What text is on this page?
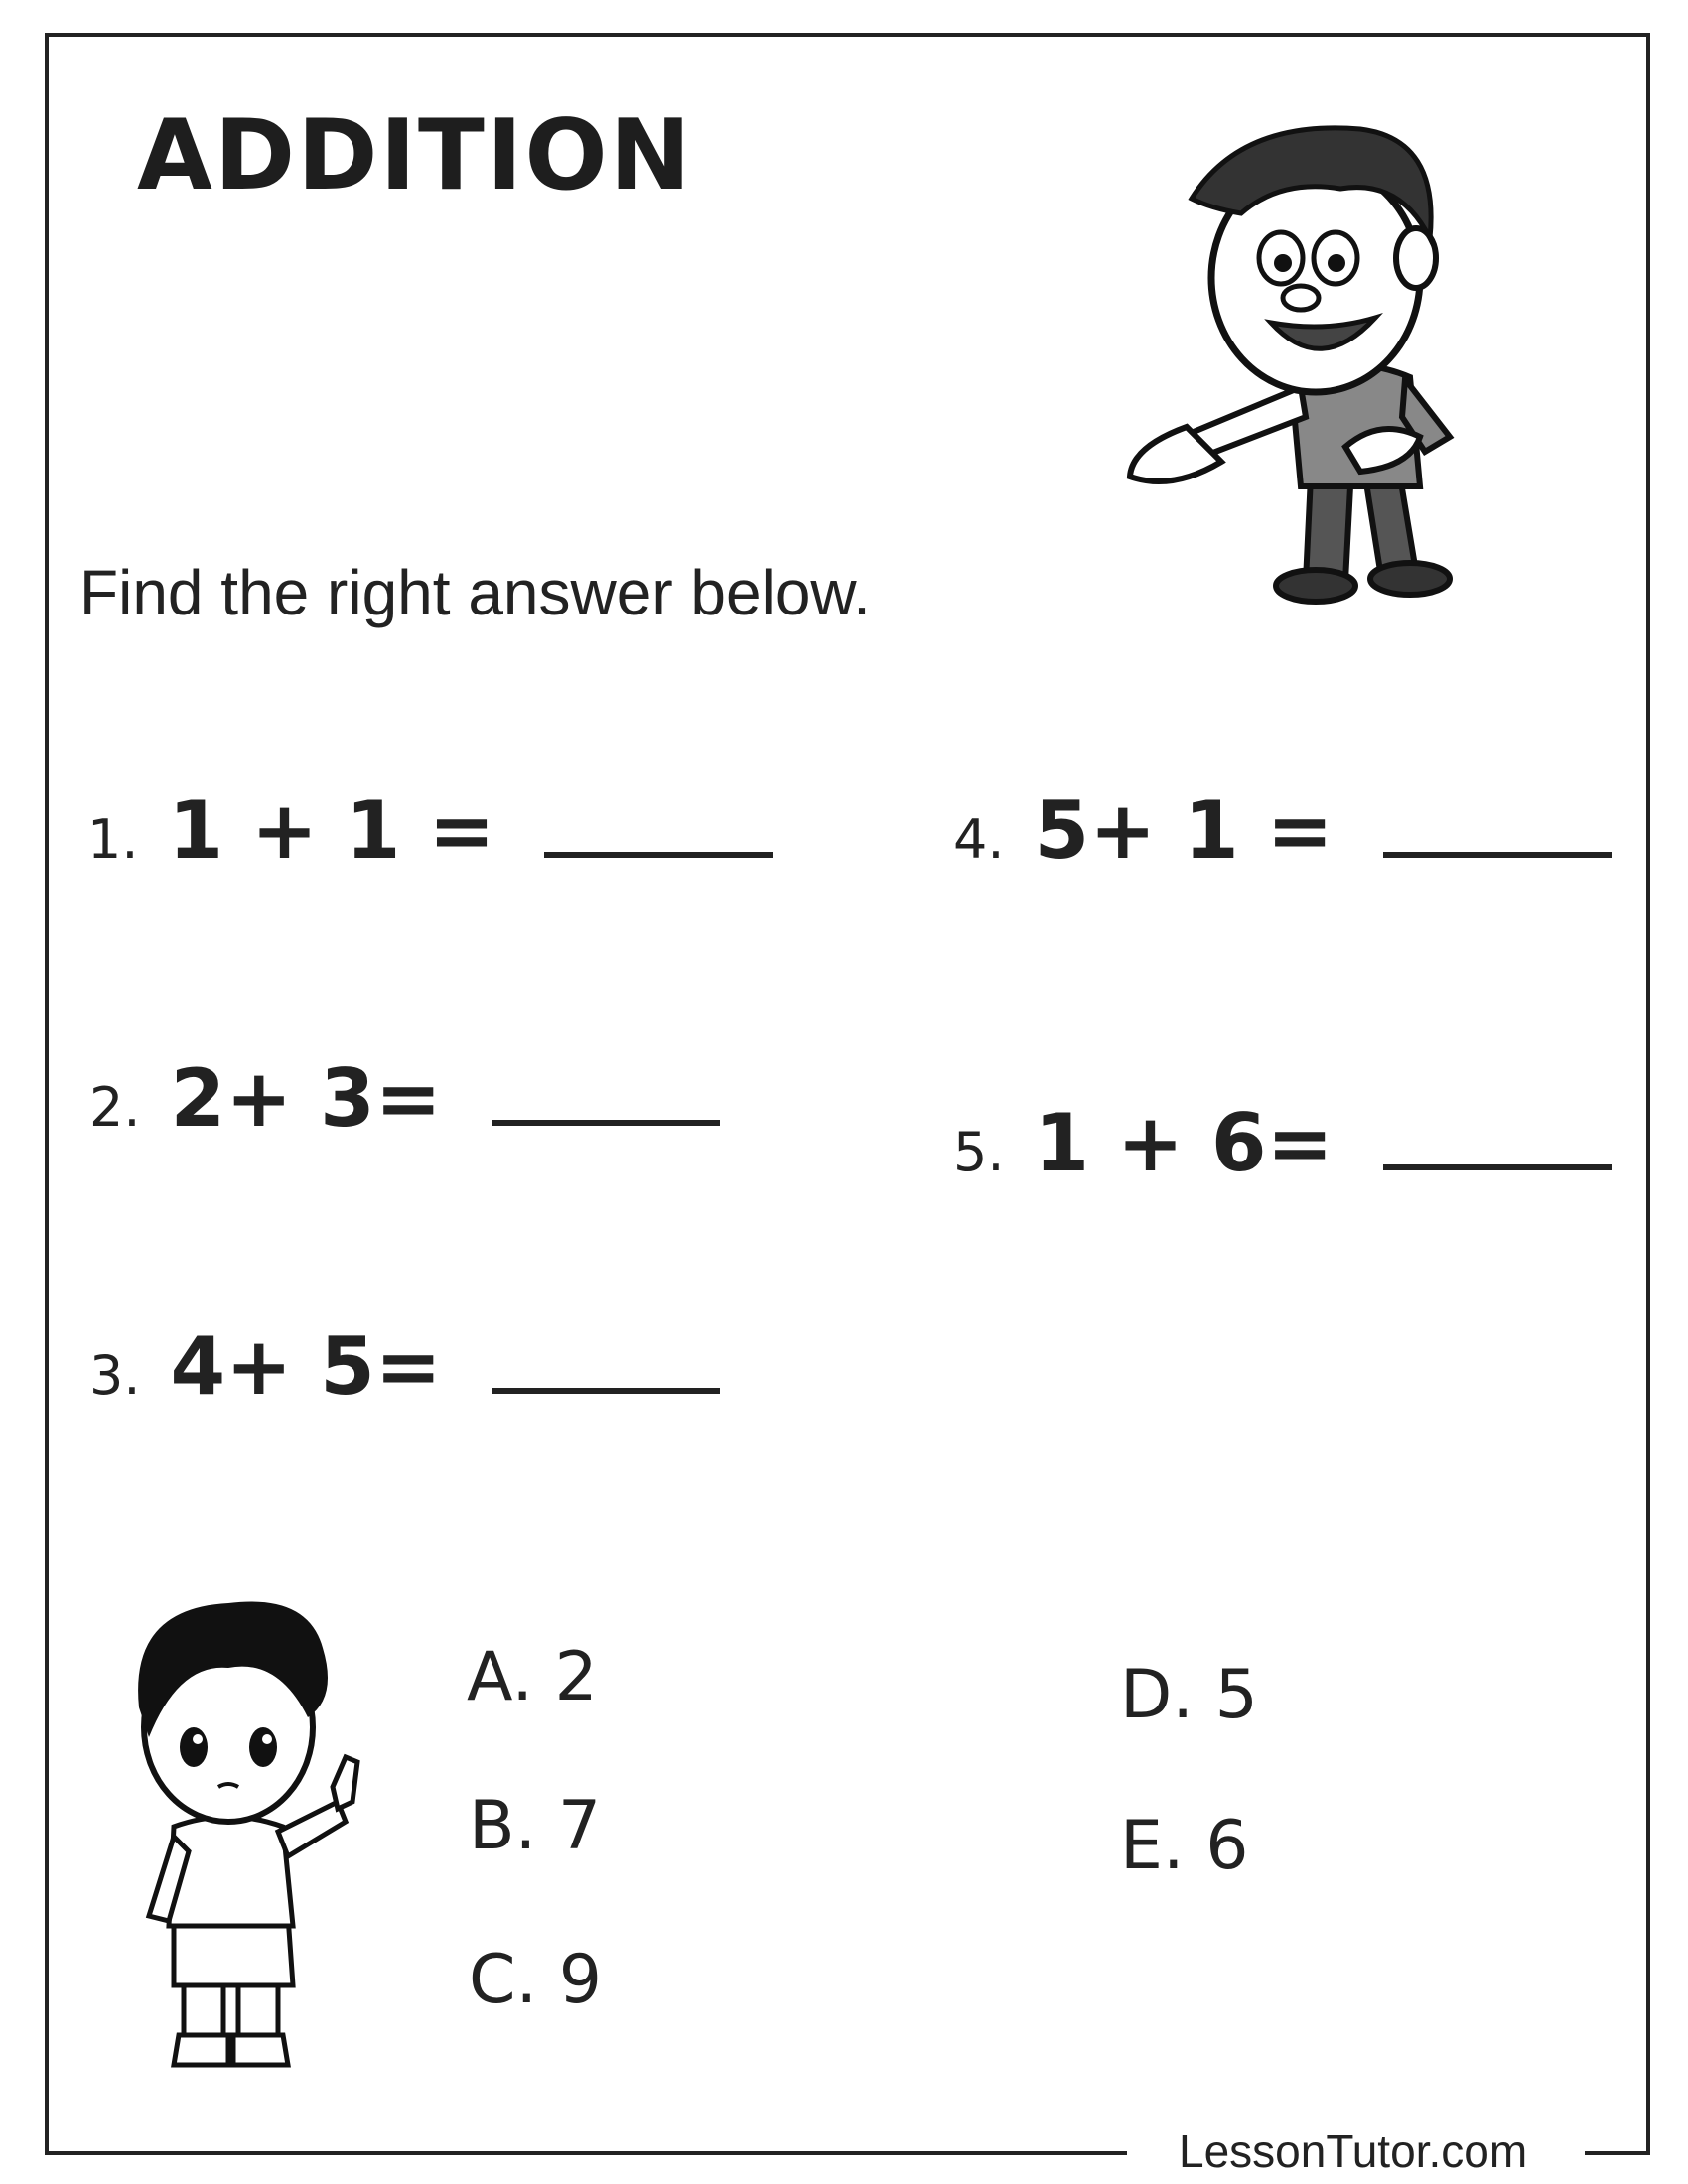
ADDITION
Find the right answer below.
1. 1 + 1 =
2. 2+ 3=
3. 4+ 5=
4. 5+ 1 =
5. 1 + 6=
A. 2
B. 7
C. 9
D. 5
E. 6
LessonTutor.com
